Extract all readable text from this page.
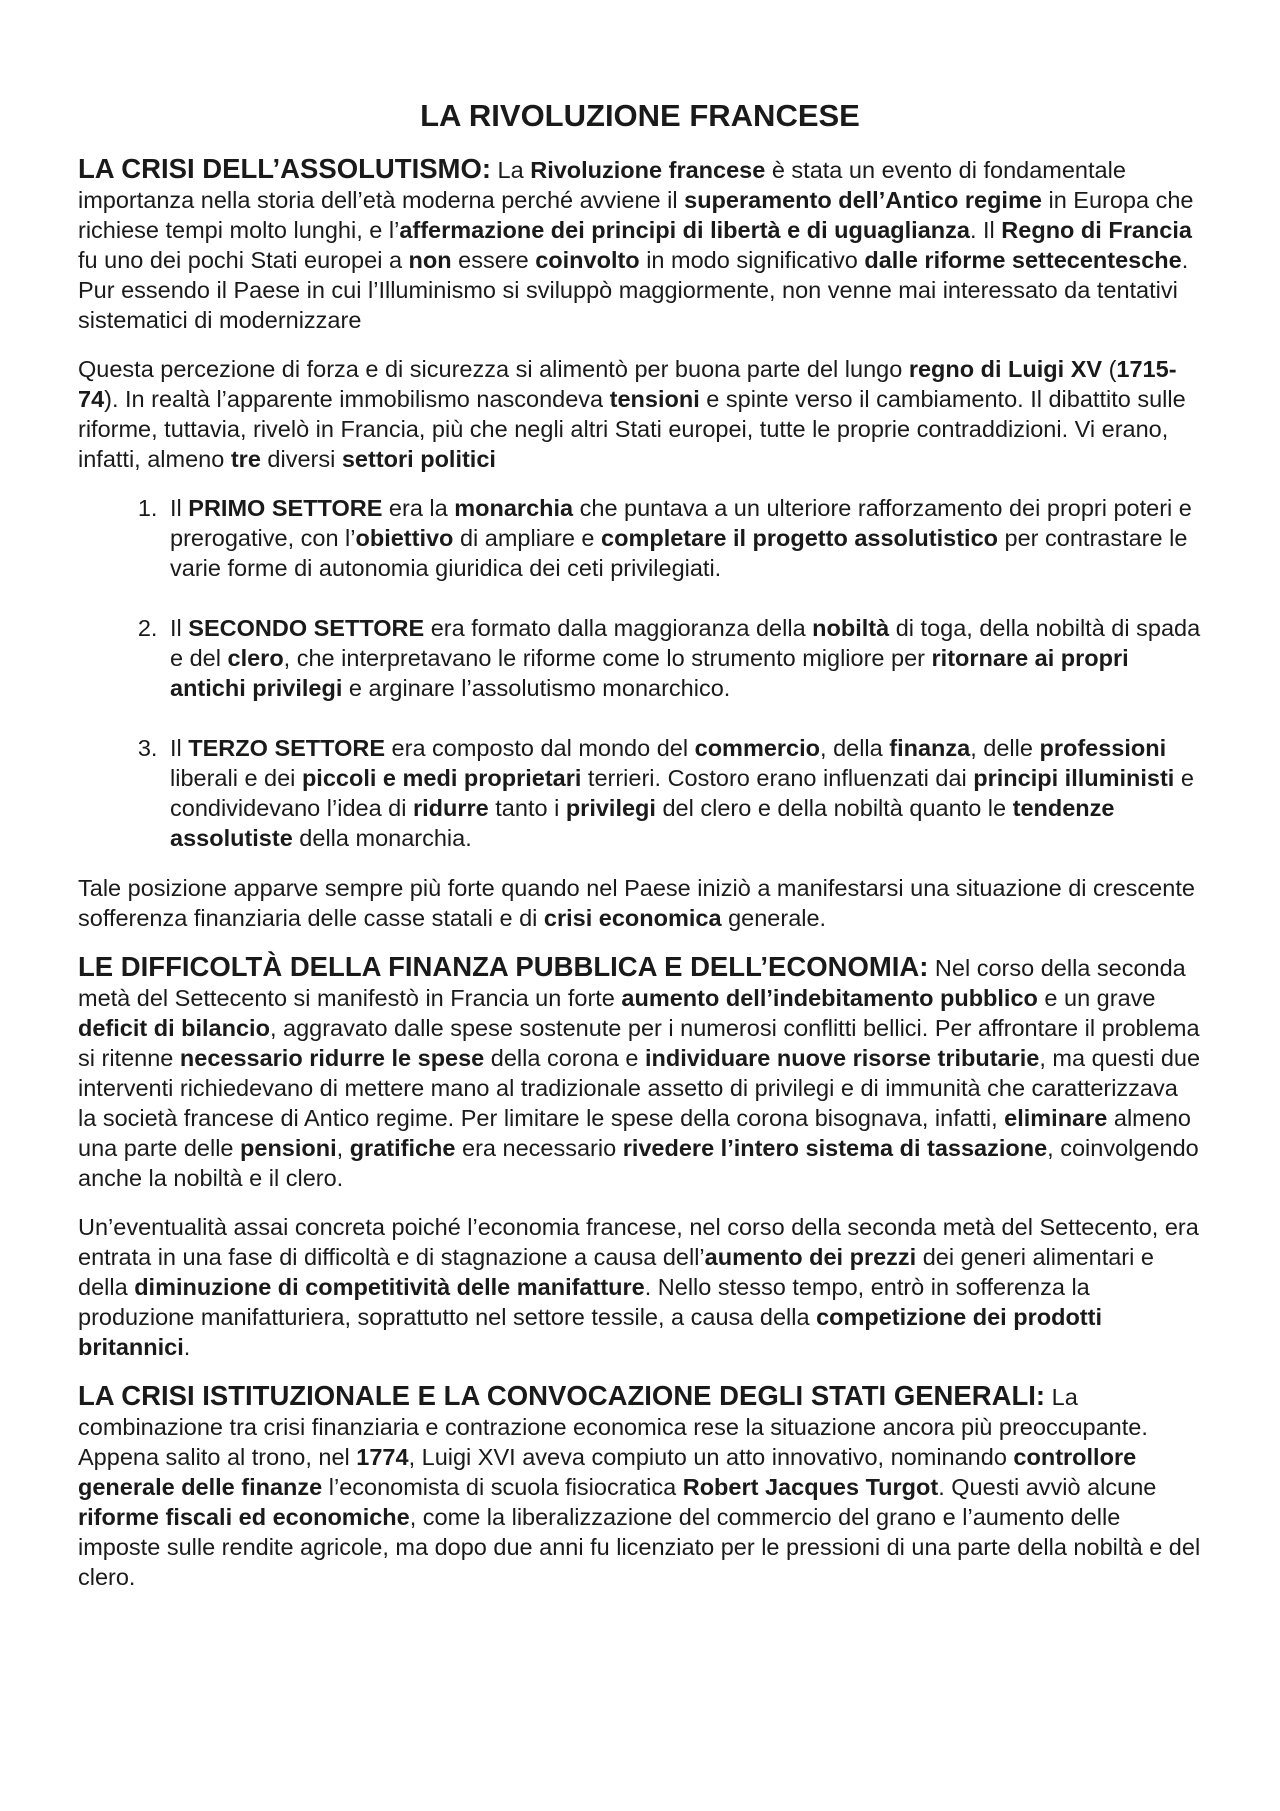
LA RIVOLUZIONE FRANCESE

LA CRISI DELL’ASSOLUTISMO: La Rivoluzione francese è stata un evento di fondamentale importanza nella storia dell’età moderna perché avviene il superamento dell’Antico regime in Europa che richiese tempi molto lunghi, e l’affermazione dei principi di libertà e di uguaglianza. Il Regno di Francia fu uno dei pochi Stati europei a non essere coinvolto in modo significativo dalle riforme settecentesche. Pur essendo il Paese in cui l’Illuminismo si sviluppò maggiormente, non venne mai interessato da tentativi sistematici di modernizzare

Questa percezione di forza e di sicurezza si alimentò per buona parte del lungo regno di Luigi XV (1715-74). In realtà l’apparente immobilismo nascondeva tensioni e spinte verso il cambiamento. Il dibattito sulle riforme, tuttavia, rivelò in Francia, più che negli altri Stati europei, tutte le proprie contraddizioni. Vi erano, infatti, almeno tre diversi settori politici

1. Il PRIMO SETTORE era la monarchia che puntava a un ulteriore rafforzamento dei propri poteri e prerogative, con l’obiettivo di ampliare e completare il progetto assolutistico per contrastare le varie forme di autonomia giuridica dei ceti privilegiati.
2. Il SECONDO SETTORE era formato dalla maggioranza della nobiltà di toga, della nobiltà di spada e del clero, che interpretavano le riforme come lo strumento migliore per ritornare ai propri antichi privilegi e arginare l’assolutismo monarchico.
3. Il TERZO SETTORE era composto dal mondo del commercio, della finanza, delle professioni liberali e dei piccoli e medi proprietari terrieri. Costoro erano influenzati dai principi illuministi e condividevano l’idea di ridurre tanto i privilegi del clero e della nobiltà quanto le tendenze assolutiste della monarchia.

Tale posizione apparve sempre più forte quando nel Paese iniziò a manifestarsi una situazione di crescente sofferenza finanziaria delle casse statali e di crisi economica generale.

LE DIFFICOLTÀ DELLA FINANZA PUBBLICA E DELL’ECONOMIA: Nel corso della seconda metà del Settecento si manifestò in Francia un forte aumento dell’indebitamento pubblico e un grave deficit di bilancio, aggravato dalle spese sostenute per i numerosi conflitti bellici. Per affrontare il problema si ritenne necessario ridurre le spese della corona e individuare nuove risorse tributarie, ma questi due interventi richiedevano di mettere mano al tradizionale assetto di privilegi e di immunità che caratterizzava la società francese di Antico regime. Per limitare le spese della corona bisognava, infatti, eliminare almeno una parte delle pensioni, gratifiche era necessario rivedere l’intero sistema di tassazione, coinvolgendo anche la nobiltà e il clero.

Un’eventualità assai concreta poiché l’economia francese, nel corso della seconda metà del Settecento, era entrata in una fase di difficoltà e di stagnazione a causa dell’aumento dei prezzi dei generi alimentari e della diminuzione di competitività delle manifatture. Nello stesso tempo, entrò in sofferenza la produzione manifatturiera, soprattutto nel settore tessile, a causa della competizione dei prodotti britannici.

LA CRISI ISTITUZIONALE E LA CONVOCAZIONE DEGLI STATI GENERALI: La combinazione tra crisi finanziaria e contrazione economica rese la situazione ancora più preoccupante. Appena salito al trono, nel 1774, Luigi XVI aveva compiuto un atto innovativo, nominando controllore generale delle finanze l’economista di scuola fisiocratica Robert Jacques Turgot. Questi avviò alcune riforme fiscali ed economiche, come la liberalizzazione del commercio del grano e l’aumento delle imposte sulle rendite agricole, ma dopo due anni fu licenziato per le pressioni di una parte della nobiltà e del clero.
